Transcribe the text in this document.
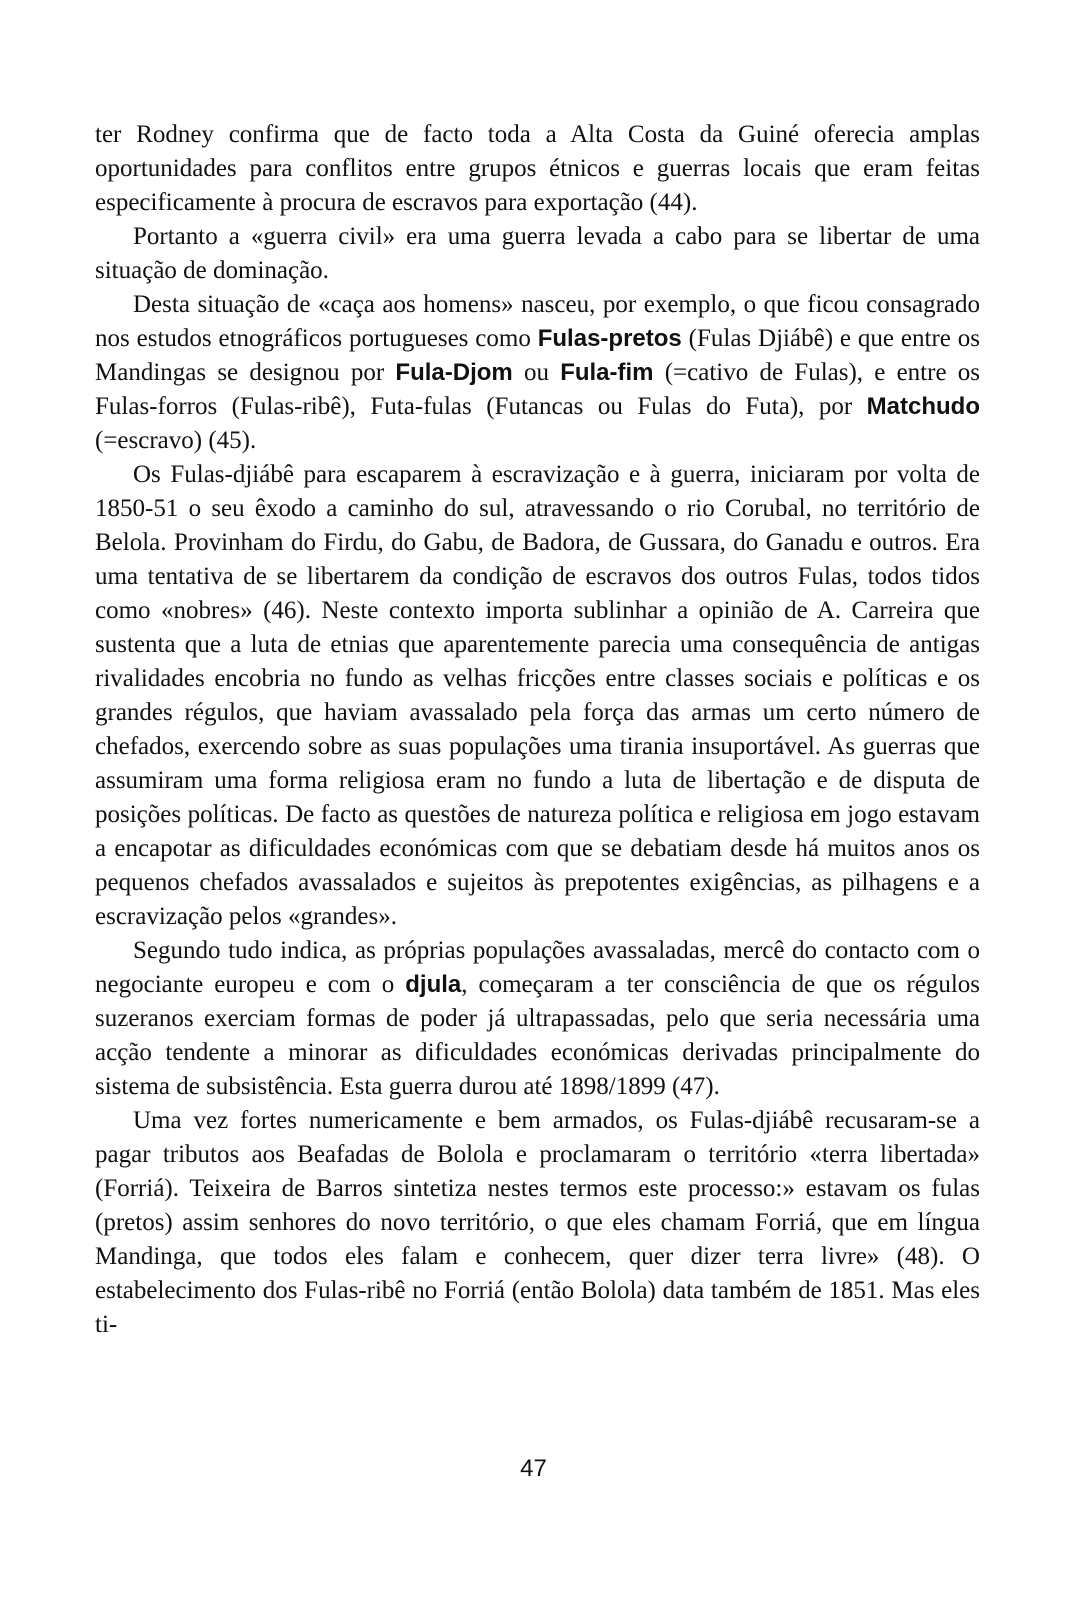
ter Rodney confirma que de facto toda a Alta Costa da Guiné oferecia amplas oportunidades para conflitos entre grupos étnicos e guerras locais que eram feitas especificamente à procura de escravos para exportação (44).

Portanto a «guerra civil» era uma guerra levada a cabo para se libertar de uma situação de dominação.

Desta situação de «caça aos homens» nasceu, por exemplo, o que ficou consagrado nos estudos etnográficos portugueses como Fulas-pretos (Fulas Djiábê) e que entre os Mandingas se designou por Fula-Djom ou Fula-fim (=cativo de Fulas), e entre os Fulas-forros (Fulas-ribê), Futa-fulas (Futancas ou Fulas do Futa), por Matchudo (=escravo) (45).

Os Fulas-djiábê para escaparem à escravização e à guerra, iniciaram por volta de 1850-51 o seu êxodo a caminho do sul, atravessando o rio Corubal, no território de Belola. Provinham do Firdu, do Gabu, de Badora, de Gussara, do Ganadu e outros. Era uma tentativa de se libertarem da condição de escravos dos outros Fulas, todos tidos como «nobres» (46). Neste contexto importa sublinhar a opinião de A. Carreira que sustenta que a luta de etnias que aparentemente parecia uma consequência de antigas rivalidades encobria no fundo as velhas fricções entre classes sociais e políticas e os grandes régulos, que haviam avassalado pela força das armas um certo número de chefados, exercendo sobre as suas populações uma tirania insuportável. As guerras que assumiram uma forma religiosa eram no fundo a luta de libertação e de disputa de posições políticas. De facto as questões de natureza política e religiosa em jogo estavam a encapotar as dificuldades económicas com que se debatiam desde há muitos anos os pequenos chefados avassalados e sujeitos às prepotentes exigências, as pilhagens e a escravização pelos «grandes».

Segundo tudo indica, as próprias populações avassaladas, mercê do contacto com o negociante europeu e com o djula, começaram a ter consciência de que os régulos suzeranos exerciam formas de poder já ultrapassadas, pelo que seria necessária uma acção tendente a minorar as dificuldades económicas derivadas principalmente do sistema de subsistência. Esta guerra durou até 1898/1899 (47).

Uma vez fortes numericamente e bem armados, os Fulas-djiábê recusaram-se a pagar tributos aos Beafadas de Bolola e proclamaram o território «terra libertada» (Forriá). Teixeira de Barros sintetiza nestes termos este processo:» estavam os fulas (pretos) assim senhores do novo território, o que eles chamam Forriá, que em língua Mandinga, que todos eles falam e conhecem, quer dizer terra livre» (48). O estabelecimento dos Fulas-ribê no Forriá (então Bolola) data também de 1851. Mas eles ti-

47
